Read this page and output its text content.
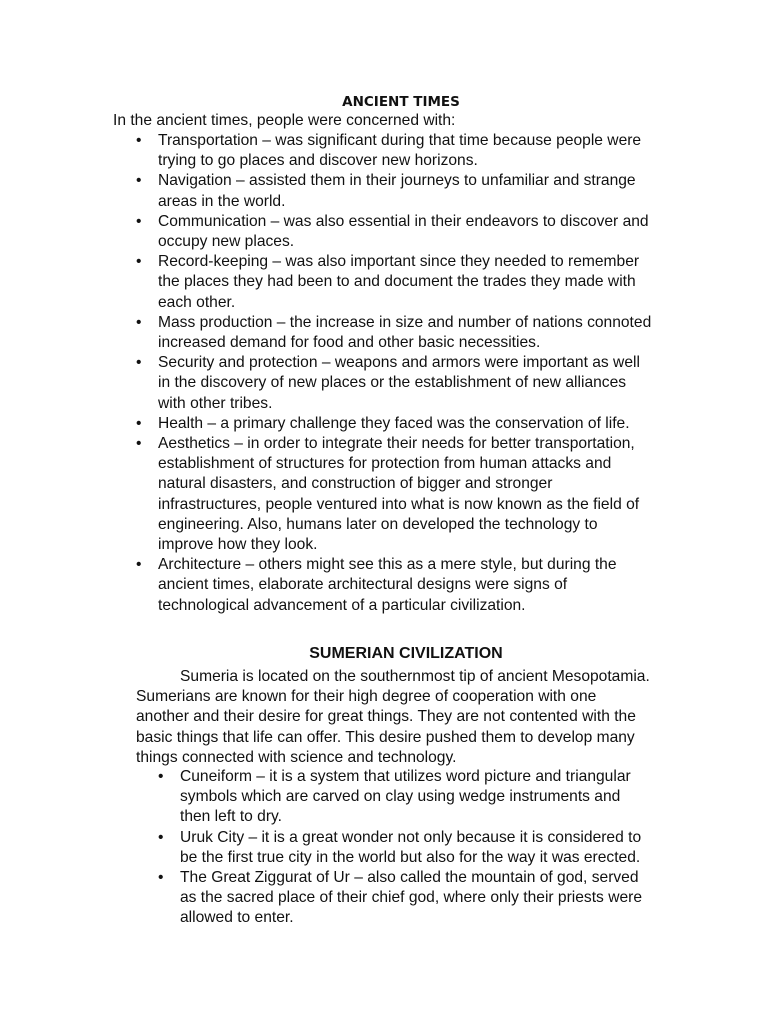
ANCIENT TIMES

In the ancient times, people were concerned with:

• Transportation – was significant during that time because people were
trying to go places and discover new horizons.
• Navigation – assisted them in their journeys to unfamiliar and strange
areas in the world.
• Communication – was also essential in their endeavors to discover and
occupy new places.
• Record-keeping – was also important since they needed to remember
the places they had been to and document the trades they made with
each other.
• Mass production – the increase in size and number of nations connoted
increased demand for food and other basic necessities.
• Security and protection – weapons and armors were important as well
in the discovery of new places or the establishment of new alliances
with other tribes.
• Health – a primary challenge they faced was the conservation of life.
• Aesthetics – in order to integrate their needs for better transportation,
establishment of structures for protection from human attacks and
natural disasters, and construction of bigger and stronger
infrastructures, people ventured into what is now known as the field of
engineering. Also, humans later on developed the technology to
improve how they look.
• Architecture – others might see this as a mere style, but during the
ancient times, elaborate architectural designs were signs of
technological advancement of a particular civilization.
SUMERIAN CIVILIZATION

Sumeria is located on the southernmost tip of ancient Mesopotamia.
Sumerians are known for their high degree of cooperation with one
another and their desire for great things. They are not contented with the
basic things that life can offer. This desire pushed them to develop many
things connected with science and technology.

• Cuneiform – it is a system that utilizes word picture and triangular
symbols which are carved on clay using wedge instruments and
then left to dry.
• Uruk City – it is a great wonder not only because it is considered to
be the first true city in the world but also for the way it was erected.
• The Great Ziggurat of Ur – also called the mountain of god, served
as the sacred place of their chief god, where only their priests were
allowed to enter.
